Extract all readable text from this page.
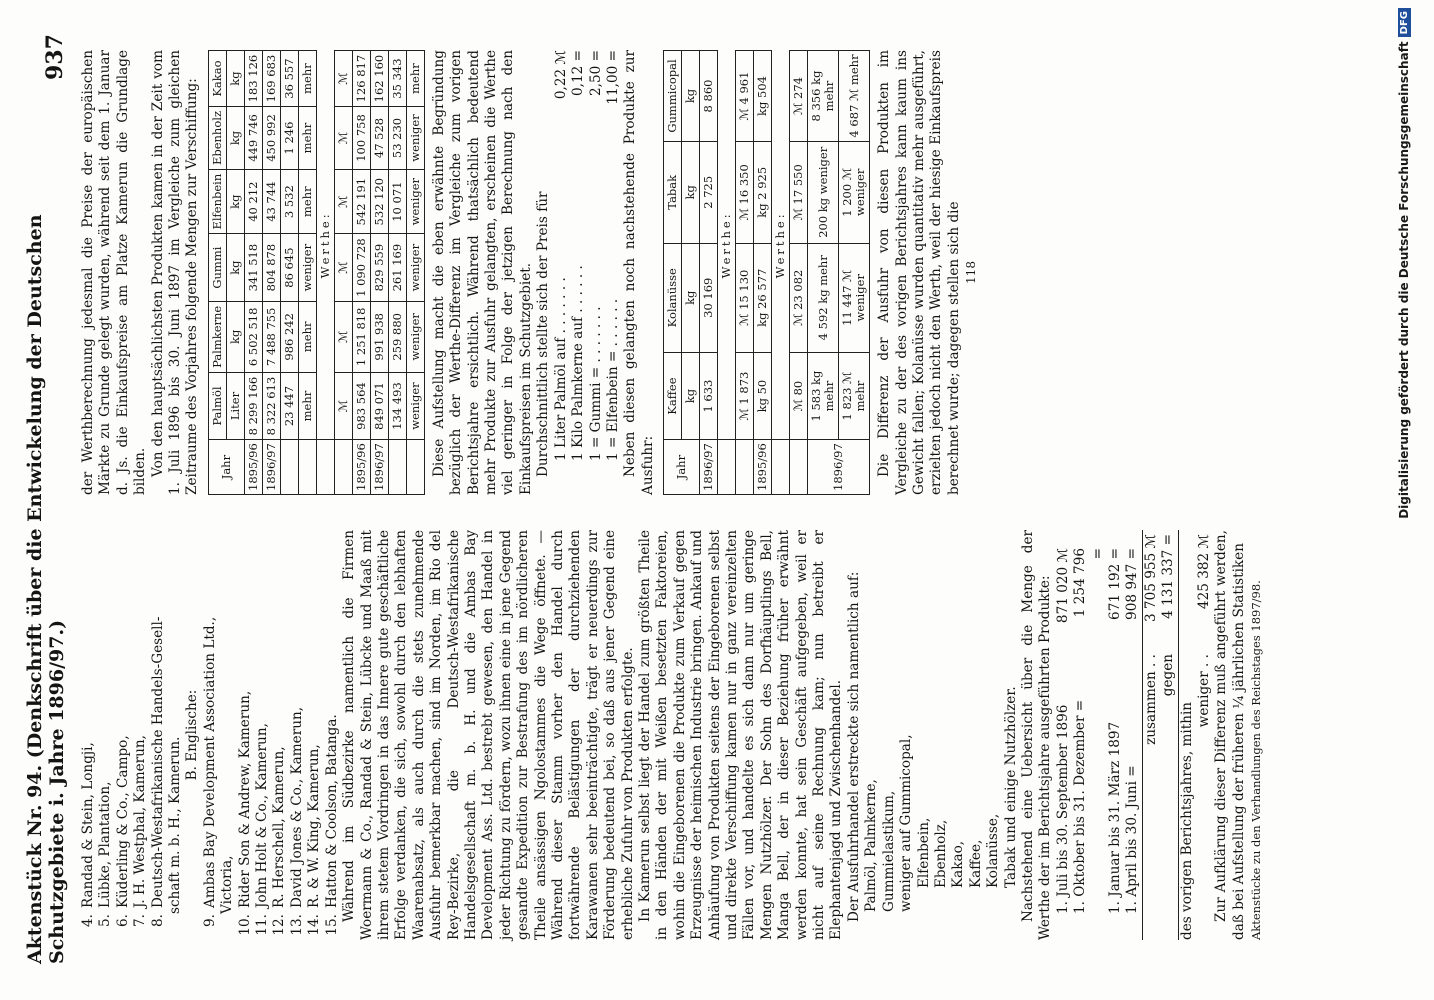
Aktenstück Nr. 94. (Denkschrift über die Entwickelung der Deutschen Schutzgebiete i. Jahre 1896/97.)
937
4.
Randad & Stein, Longji,
5.
Lübke, Plantation,
6.
Küderling & Co., Campo,
7.
J. H. Westphal, Kamerun,
8.
Deutsch-Westafrikanische Handels-Gesell- schaft m. b. H., Kamerun.
B. Englische:
9.
Ambas Bay Development Association Ltd., Victoria,
10.
Rider Son & Andrew, Kamerun,
11.
John Holt & Co., Kamerun,
12.
R. Herschell, Kamerun,
13.
David Jones & Co., Kamerun,
14.
R. & W. King, Kamerun,
15.
Hatton & Coolson, Batanga. Während im Südbezirke namentlich die Firmen Woermann & Co., Randad & Stein, Lübcke und Maaß mit ihrem stetem Vordringen in das Innere gute geschäftliche Erfolge verdanken, die sich, sowohl durch den lebhaften Waarenabsatz, als auch durch die stets zunehmende Ausfuhr bemerkbar machen, sind im Norden, im Rio del Rey-Bezirke, die Deutsch-Westafrikanische Handelsgesellschaft m. b. H. und die Ambas Bay Development Ass. Ltd. bestrebt gewesen, den Handel in jeder Richtung zu fördern, wozu ihnen eine in jene Gegend gesandte Expedition zur Bestrafung des im nördlicheren Theile ansässigen Ngolostammes die Wege öffnete. — Während dieser Stamm vorher den Handel durch fortwährende Belästigungen der durchziehenden Karawanen sehr beeinträchtigte, trägt er neuerdings zur Förderung bedeutend bei, so daß aus jener Gegend eine erhebliche Zufuhr von Produkten erfolgte. In Kamerun selbst liegt der Handel zum größten Theile in den Händen der mit Weißen besetzten Faktoreien, wohin die Eingeborenen die Produkte zum Verkauf gegen Erzeugnisse der heimischen Industrie bringen. Ankauf und Anhäufung von Produkten seitens der Eingeborenen selbst und direkte Verschiffung kamen nur in ganz vereinzelten Fällen vor, und handelte es sich dann nur um geringe Mengen Nutzhölzer. Der Sohn des Dorfhäuptlings Bell, Manga Bell, der in dieser Beziehung früher erwähnt werden konnte, hat sein Geschäft aufgegeben, weil er nicht auf seine Rechnung kam; nun betreibt er Elephantenjagd und Zwischenhandel. Der Ausfuhrhandel erstreckte sich namentlich auf: Palmöl, Palmkerne, Gummielastikum, weniger auf Gummicopal, Elfenbein, Ebenholz, Kakao, Kaffee, Kolanüsse, Tabak und einige Nutzhölzer. Nachstehend eine Uebersicht über die Menge der Werthe der im Berichtsjahre ausgeführten Produkte: 1. Juli bis 30. September 1896
871 020 ℳ
1. Oktober bis 31. Dezember =
1 254 796 =
1. Januar bis 31. März 1897
671 192 =
1. April bis 30. Juni =
908 947 =
zusammen . .
3 705 955 ℳ
gegen
4 131 337 =
des vorigen Berichtsjahres, mithin
weniger . .
425 382 ℳ Zur Aufklärung dieser Differenz muß angeführt werden, daß bei Aufstellung der früheren ¼ jährlichen Statistiken Aktenstücke zu den Verhandlungen des Reichstages 1897/98.

der Werthberechnung jedesmal die Preise der europäischen Märkte zu Grunde gelegt wurden, während seit dem 1. Januar d. Js. die Einkaufspreise am Platze Kamerun die Grundlage bilden. Von den hauptsächlichsten Produkten kamen in der Zeit vom 1. Juli 1896 bis 30. Juni 1897 im Vergleiche zum gleichen Zeitraume des Vorjahres folgende Mengen zur Verschiffung: Jahr	Palmöl	Palmkerne	Gummi	Elfenbein	Ebenholz	Kakao
	Liter	kg	kg	kg	kg	kg
1895/96	8 299 166	6 502 518	341 518	40 212	449 746	183 126
1896/97	8 322 613	7 488 755	804 878	43 744	450 992	169 683
	23 447	986 242	86 645	3 532	1 246	36 557
	mehr	mehr	weniger	mehr	mehr	mehr
	Werthe:					
	ℳ	ℳ	ℳ	ℳ	ℳ	ℳ
1895/96	983 564	1 251 818	1 090 728	542 191	100 758	126 817
1896/97	849 071	991 938	829 559	532 120	47 528	162 160
	134 493	259 880	261 169	10 071	53 230	35 343
	weniger	weniger	weniger	weniger	weniger	mehr Diese Aufstellung macht die eben erwähnte Begründung bezüglich der Werthe-Differenz im Vergleiche zum vorigen Berichtsjahre ersichtlich. Während thatsächlich bedeutend mehr Produkte zur Ausfuhr gelangten, erscheinen die Werthe viel geringer in Folge der jetzigen Berechnung nach den Einkaufspreisen im Schutzgebiet. Durchschnittlich stellte sich der Preis für 1 Liter Palmöl auf . . . . . . .
0,22 ℳ
1 Kilo Palmkerne auf . . . . . .
0,12 =
1 = Gummi = . . . . . . .
2,50 =
1 = Elfenbein = . . . . . .
11,00 = Neben diesen gelangten noch nachstehende Produkte zur Ausfuhr: Jahr	Kaffee	Kolanüsse	Tabak	Gummicopal
	kg	kg	kg	kg
1896/97	1 633	30 169	2 725	8 860
	Werthe:			
	ℳ 1 873	ℳ 15 130	ℳ 16 350	ℳ 4 961
1895/96	kg 50	kg 26 577	kg 2 925	kg 504
	Werthe:			
	ℳ 80	ℳ 23 082	ℳ 17 550	ℳ 274
1896/97	1 583 kg mehr	4 592 kg mehr	200 kg weniger	8 356 kg mehr
	1 823 ℳ mehr	11 447 ℳ weniger	1 200 ℳ weniger	4 687 ℳ mehr Die Differenz der Ausfuhr von diesen Produkten im Vergleiche zu der des vorigen Berichtsjahres kann kaum ins Gewicht fallen; Kolanüsse wurden quantitativ mehr ausgeführt, erzielten jedoch nicht den Werth, weil der hiesige Einkaufspreis berechnet wurde; dagegen stellen sich die 118	Digitalisierung gefördert durch die Deutsche Forschungsgemeinschaft
DFG
